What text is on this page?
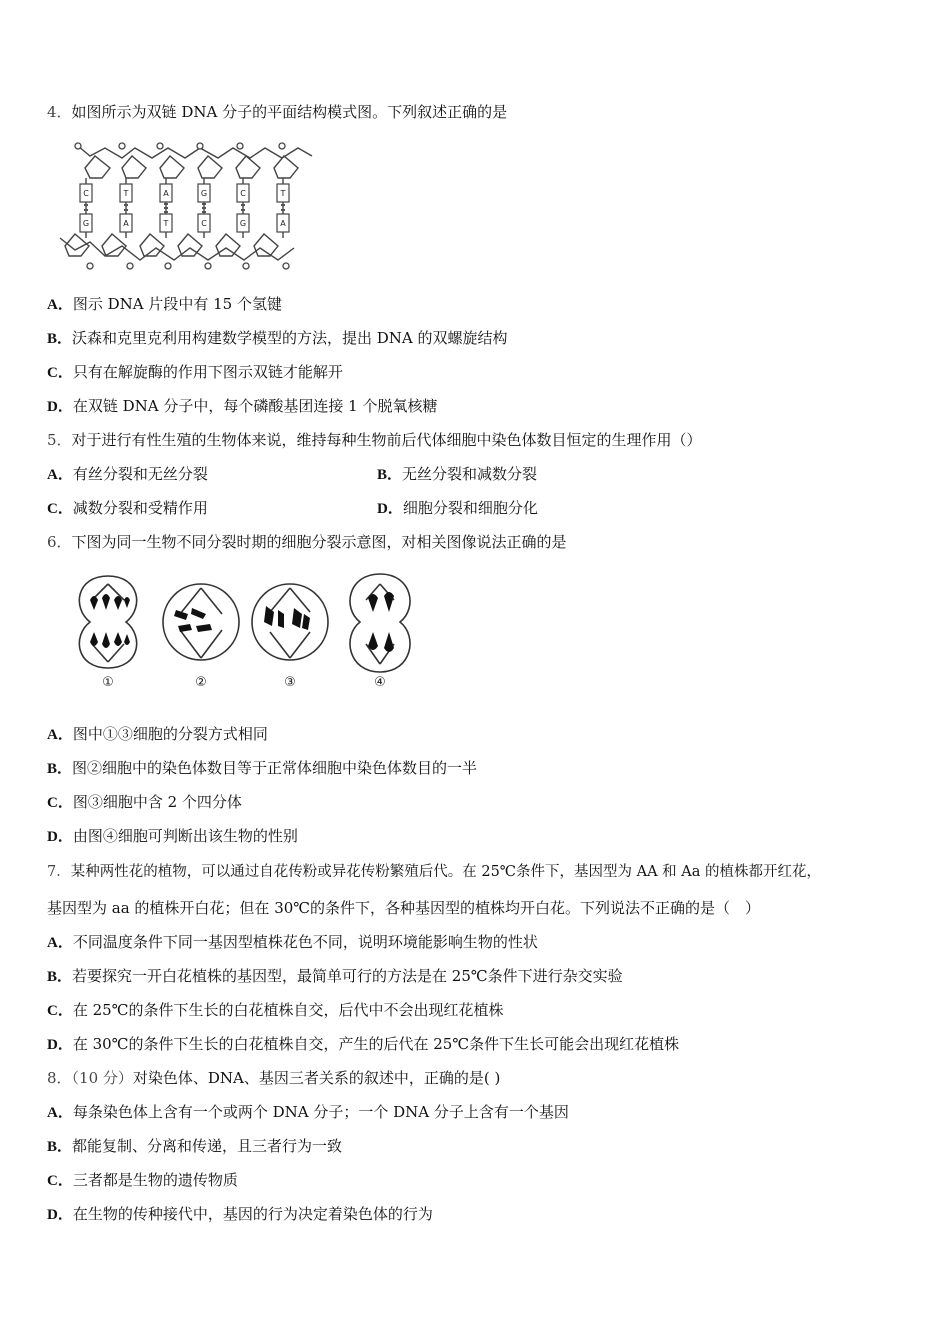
4．如图所示为双链 DNA 分子的平面结构模式图。下列叙述正确的是
C	T	A	G	C	T
G	A	T	C	G	A
A．图示 DNA 片段中有 15 个氢键
B．沃森和克里克利用构建数学模型的方法，提出 DNA 的双螺旋结构
C．只有在解旋酶的作用下图示双链才能解开
D．在双链 DNA 分子中，每个磷酸基团连接 1 个脱氧核糖
5．对于进行有性生殖的生物体来说，维持每种生物前后代体细胞中染色体数目恒定的生理作用（）
A．有丝分裂和无丝分裂	B．无丝分裂和减数分裂
C．减数分裂和受精作用	D．细胞分裂和细胞分化
6．下图为同一生物不同分裂时期的细胞分裂示意图，对相关图像说法正确的是
①	②	③	④
A．图中①③细胞的分裂方式相同
B．图②细胞中的染色体数目等于正常体细胞中染色体数目的一半
C．图③细胞中含 2 个四分体
D．由图④细胞可判断出该生物的性别
7．某种两性花的植物，可以通过自花传粉或异花传粉繁殖后代。在 25℃条件下，基因型为 AA 和 Aa 的植株都开红花，
基因型为 aa 的植株开白花；但在 30℃的条件下，各种基因型的植株均开白花。下列说法不正确的是（　）
A．不同温度条件下同一基因型植株花色不同，说明环境能影响生物的性状
B．若要探究一开白花植株的基因型，最简单可行的方法是在 25℃条件下进行杂交实验
C．在 25℃的条件下生长的白花植株自交，后代中不会出现红花植株
D．在 30℃的条件下生长的白花植株自交，产生的后代在 25℃条件下生长可能会出现红花植株
8．（10 分）对染色体、DNA、基因三者关系的叙述中，正确的是( )
A．每条染色体上含有一个或两个 DNA 分子；一个 DNA 分子上含有一个基因
B．都能复制、分离和传递，且三者行为一致
C．三者都是生物的遗传物质
D．在生物的传种接代中，基因的行为决定着染色体的行为
